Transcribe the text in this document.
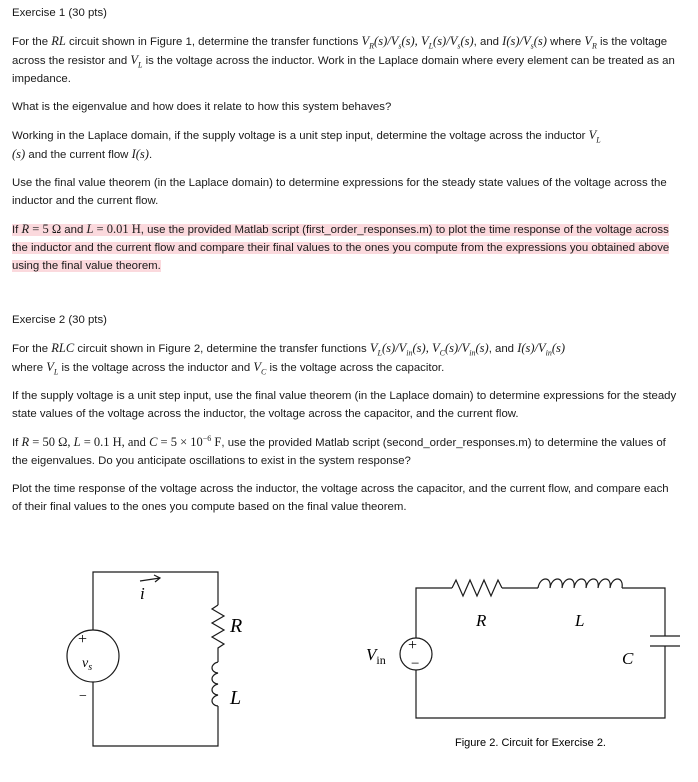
Exercise 1 (30 pts)
For the RL circuit shown in Figure 1, determine the transfer functions $V_R(s)/V_s(s)$, $V_L(s)/V_s(s)$, and $I(s)/V_s(s)$ where $V_R$ is the voltage across the resistor and $V_L$ is the voltage across the inductor. Work in the Laplace domain where every element can be treated as an impedance.
What is the eigenvalue and how does it relate to how this system behaves?
Working in the Laplace domain, if the supply voltage is a unit step input, determine the voltage across the inductor $V_L$
(s) and the current flow I(s).
Use the final value theorem (in the Laplace domain) to determine expressions for the steady state values of the voltage across the inductor and the current flow.
If R = 5 Ω and L = 0.01 H, use the provided Matlab script (first_order_responses.m) to plot the time response of the voltage across the inductor and the current flow and compare their final values to the ones you compute from the expressions you obtained above using the final value theorem.
Exercise 2 (30 pts)
For the RLC circuit shown in Figure 2, determine the transfer functions $V_L(s)/V_{in}(s)$, $V_C(s)/V_{in}(s)$, and $I(s)/V_{in}(s)$
where $V_L$ is the voltage across the inductor and $V_C$ is the voltage across the capacitor.
If the supply voltage is a unit step input, use the final value theorem (in the Laplace domain) to determine expressions for the steady state values of the voltage across the inductor, the voltage across the capacitor, and the current flow.
If R = 50 Ω, L = 0.1 H, and $C = 5 \times 10^{-6}$ F, use the provided Matlab script (second_order_responses.m) to determine the values of the eigenvalues. Do you anticipate oscillations to exist in the system response?
Plot the time response of the voltage across the inductor, the voltage across the capacitor, and the current flow, and compare each of their final values to the ones you compute based on the final value theorem.
i
R
L
+
$v_s$
−
+
−
$V_{in}$
R	L
C
Figure 2. Circuit for Exercise 2.
